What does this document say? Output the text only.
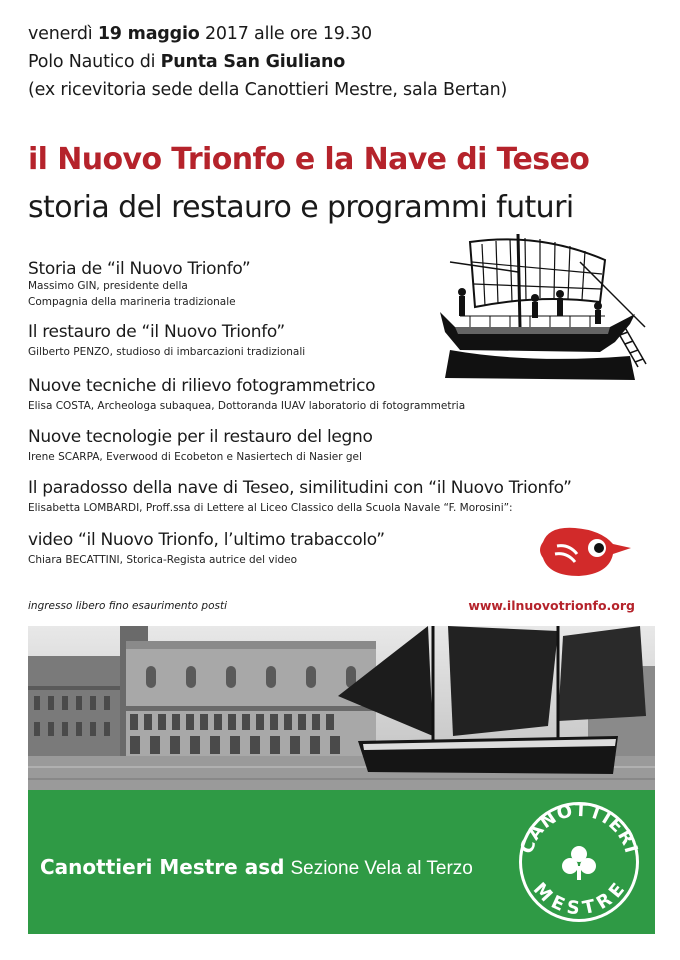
venerdì 19 maggio 2017 alle ore 19.30
Polo Nautico di Punta San Giuliano
(ex ricevitoria sede della Canottieri Mestre, sala Bertan)
il Nuovo Trionfo e la Nave di Teseo
storia del restauro e programmi futuri
Storia de “il Nuovo Trionfo”
Massimo GIN, presidente della
Compagnia della marineria tradizionale
Il restauro de “il Nuovo Trionfo”
Gilberto PENZO, studioso di imbarcazioni tradizionali
Nuove tecniche di rilievo fotogrammetrico
Elisa COSTA, Archeologa subaquea, Dottoranda IUAV laboratorio di fotogrammetria
Nuove tecnologie per il restauro del legno
Irene SCARPA, Everwood di Ecobeton e Nasiertech di Nasier gel
Il paradosso della nave di Teseo, similitudini con “il Nuovo Trionfo”
Elisabetta LOMBARDI, Proff.ssa di Lettere al Liceo Classico della Scuola Navale “F. Morosini”:
video “il Nuovo Trionfo, l’ultimo trabaccolo”
Chiara BECATTINI, Storica-Regista autrice del video
ingresso libero fino esaurimento posti	www.ilnuovotrionfo.org
Canottieri Mestre asd Sezione Vela al Terzo
CANOTTIERI
MESTRE
